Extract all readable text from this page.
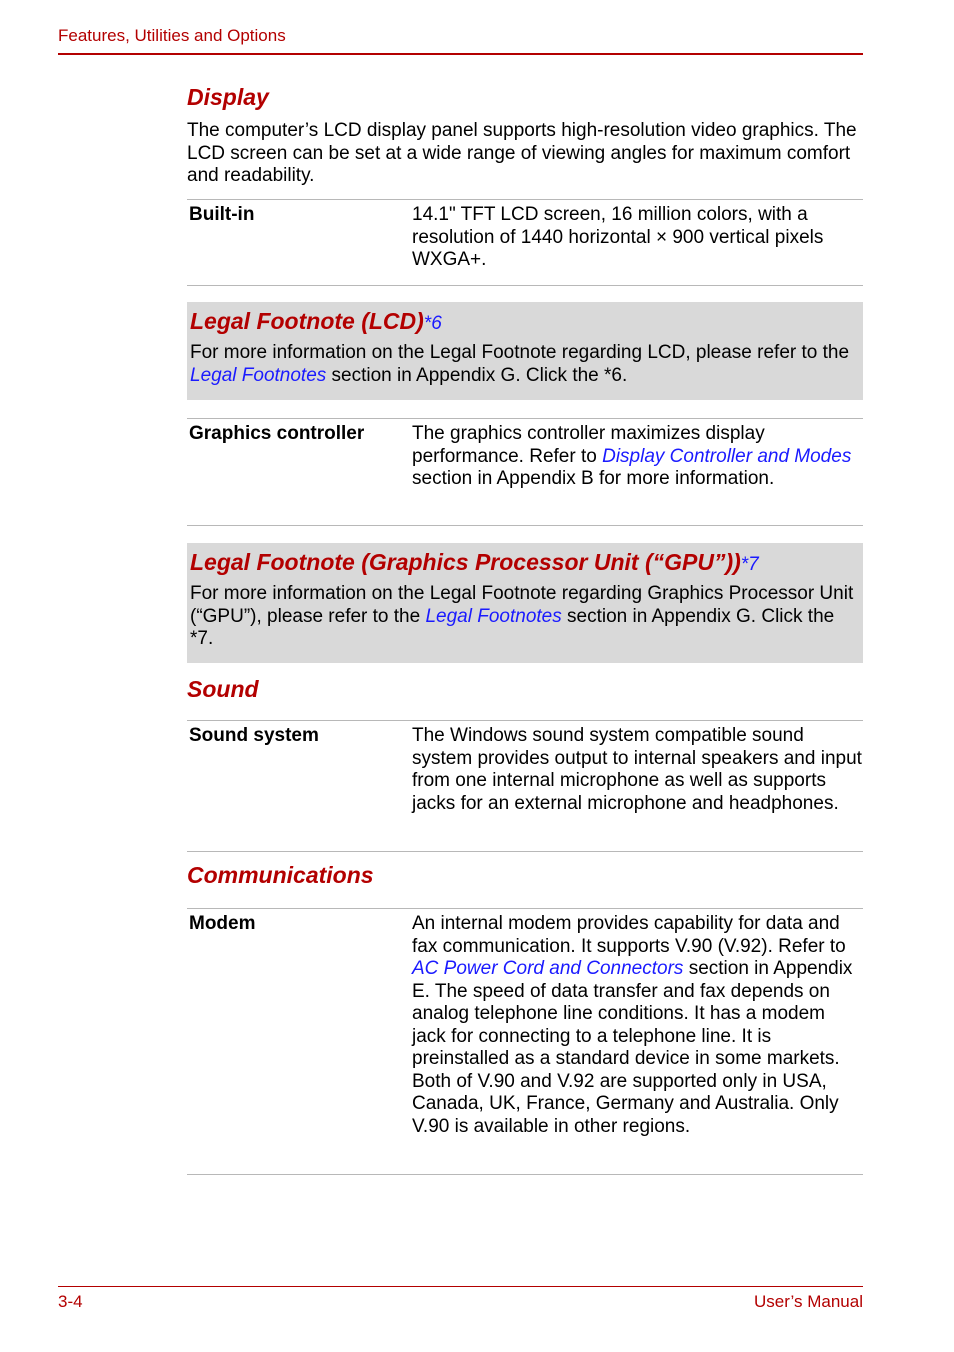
Features, Utilities and Options
Display

The computer’s LCD display panel supports high-resolution video graphics. The LCD screen can be set at a wide range of viewing angles for maximum comfort and readability.

Built-in	14.1" TFT LCD screen, 16 million colors, with a resolution of 1440 horizontal × 900 vertical pixels WXGA+.
Legal Footnote (LCD)*6
For more information on the Legal Footnote regarding LCD, please refer to the Legal Footnotes section in Appendix G. Click the *6.
Graphics controller	The graphics controller maximizes display performance. Refer to Display Controller and Modes section in Appendix B for more information.
Legal Footnote (Graphics Processor Unit (“GPU”))*7
For more information on the Legal Footnote regarding Graphics Processor Unit (“GPU”), please refer to the Legal Footnotes section in Appendix G. Click the *7.
Sound
Sound system	The Windows sound system compatible sound system provides output to internal speakers and input from one internal microphone as well as supports jacks for an external microphone and headphones.
Communications
Modem	An internal modem provides capability for data and fax communication. It supports V.90 (V.92). Refer to AC Power Cord and Connectors section in Appendix E. The speed of data transfer and fax depends on analog telephone line conditions. It has a modem jack for connecting to a telephone line. It is preinstalled as a standard device in some markets. Both of V.90 and V.92 are supported only in USA, Canada, UK, France, Germany and Australia. Only V.90 is available in other regions.
3-4	User’s Manual
